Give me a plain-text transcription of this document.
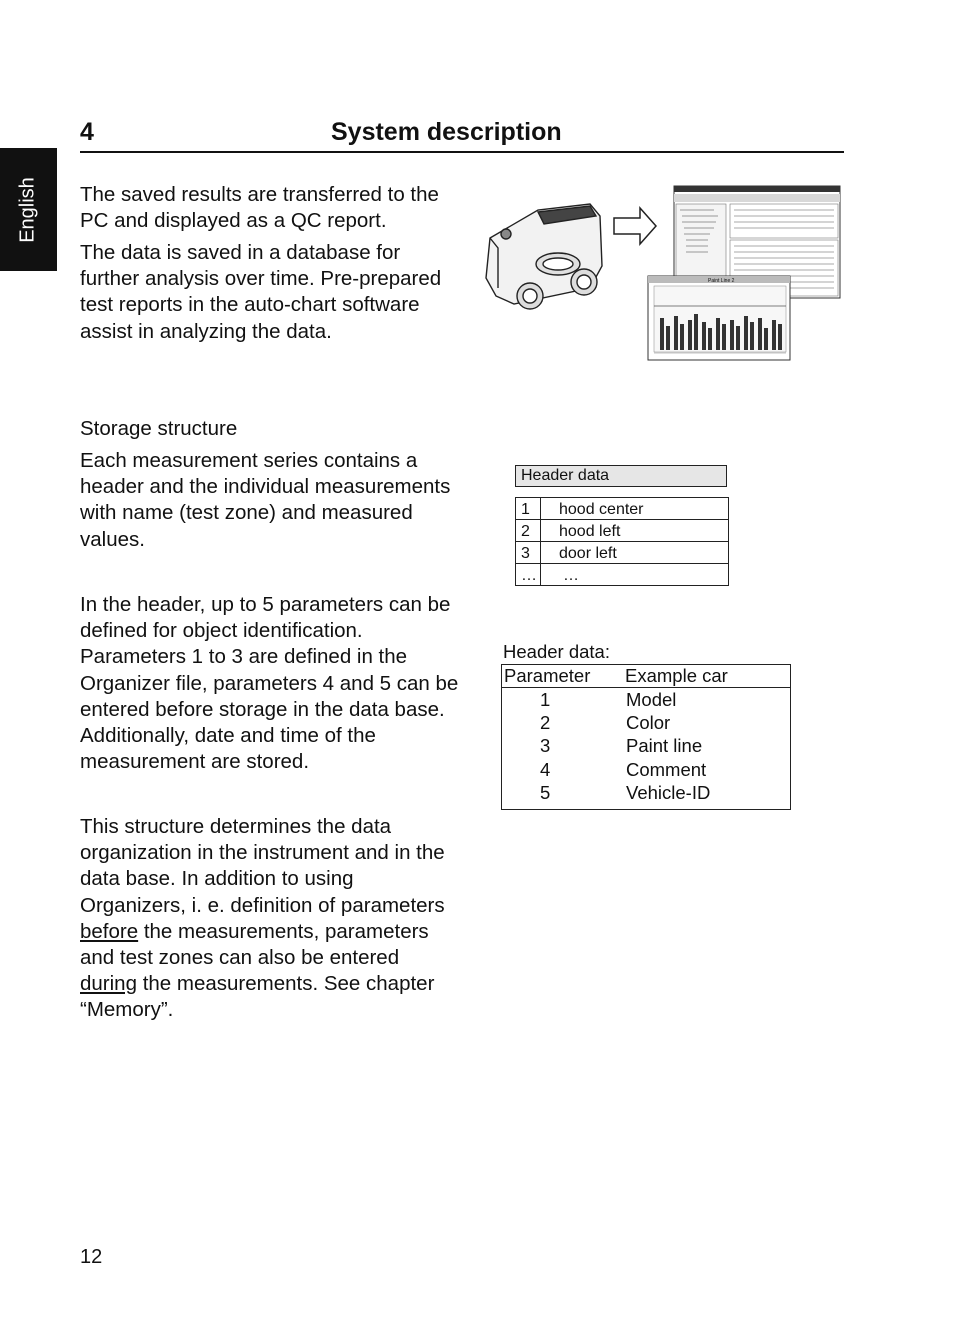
English
4	System description

The saved results are transferred to the PC and displayed as a QC report.

The data is saved in a database for further analysis over time. Pre-prepared test reports in the auto-chart software assist in analyzing the data.

Storage structure

Each measurement series contains a header and the individual measurements with name (test zone) and measured values.

In the header, up to 5 parameters can be defined for object identification. Parameters 1 to 3 are defined in the Organizer file, parameters 4 and 5 can be entered before storage in the data base. Additionally, date and time of the measurement are stored.

This structure determines the data organization in the instrument and in the data base. In addition to using Organizers, i. e. definition of parameters before the measurements, parameters and test zones can also be entered during the measurements. See chapter “Memory”.

Paint Line 2
Header data
1	hood center
2	hood left
3	door left
…	…
Header data:
Parameter Example car
1	Model
2	Color
3	Paint line
4	Comment
5	Vehicle-ID
12
